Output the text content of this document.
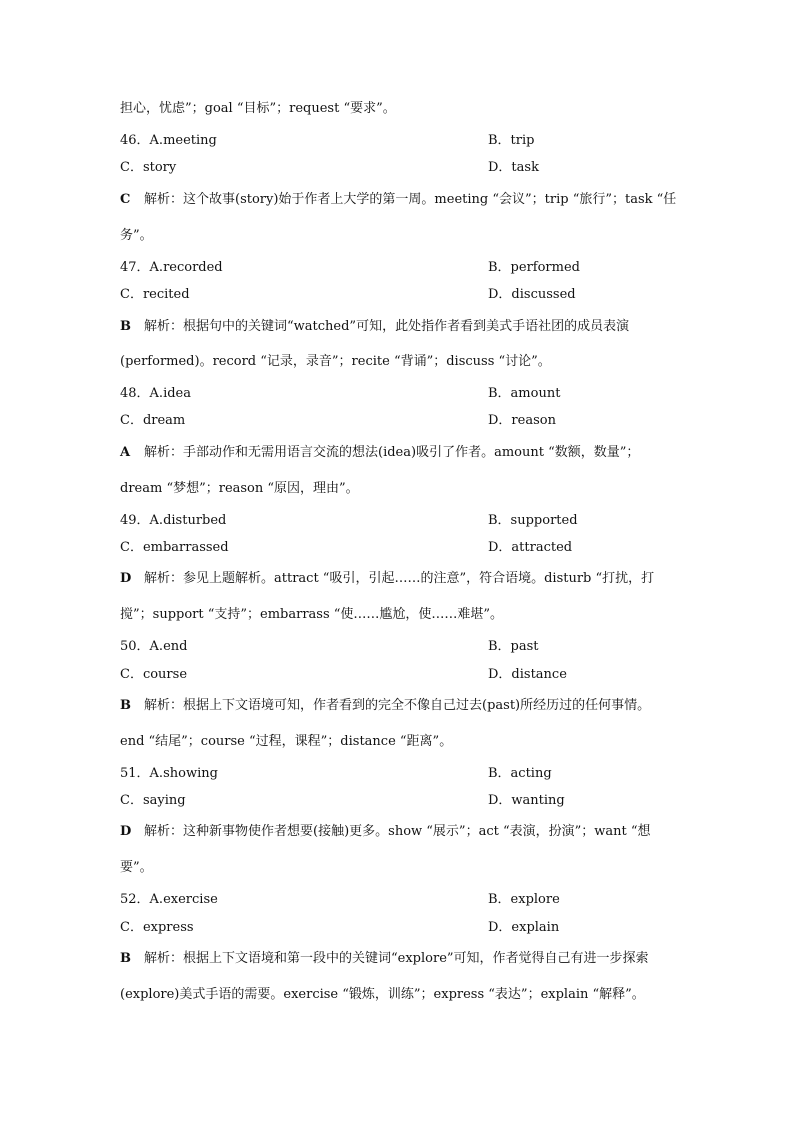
担心，忧虑”；goal “目标”；request “要求”。
46．A.meeting	B．trip
C．story	D．task
C 解析：这个故事(story)始于作者上大学的第一周。meeting “会议”；trip “旅行”；task “任
务”。
47．A.recorded	B．performed
C．recited	D．discussed
B 解析：根据句中的关键词“watched”可知，此处指作者看到美式手语社团的成员表演
(performed)。record “记录，录音”；recite “背诵”；discuss “讨论”。
48．A.idea	B．amount
C．dream	D．reason
A 解析：手部动作和无需用语言交流的想法(idea)吸引了作者。amount “数额，数量”；
dream “梦想”；reason “原因，理由”。
49．A.disturbed	B．supported
C．embarrassed	D．attracted
D 解析：参见上题解析。attract “吸引，引起……的注意”，符合语境。disturb “打扰，打
搅”；support “支持”；embarrass “使……尴尬，使……难堪”。
50．A.end	B．past
C．course	D．distance
B 解析：根据上下文语境可知，作者看到的完全不像自己过去(past)所经历过的任何事情。
end “结尾”；course “过程，课程”；distance “距离”。
51．A.showing	B．acting
C．saying	D．wanting
D 解析：这种新事物使作者想要(接触)更多。show “展示”；act “表演，扮演”；want “想
要”。
52．A.exercise	B．explore
C．express	D．explain
B 解析：根据上下文语境和第一段中的关键词“explore”可知，作者觉得自己有进一步探索
(explore)美式手语的需要。exercise “锻炼，训练”；express “表达”；explain “解释”。
